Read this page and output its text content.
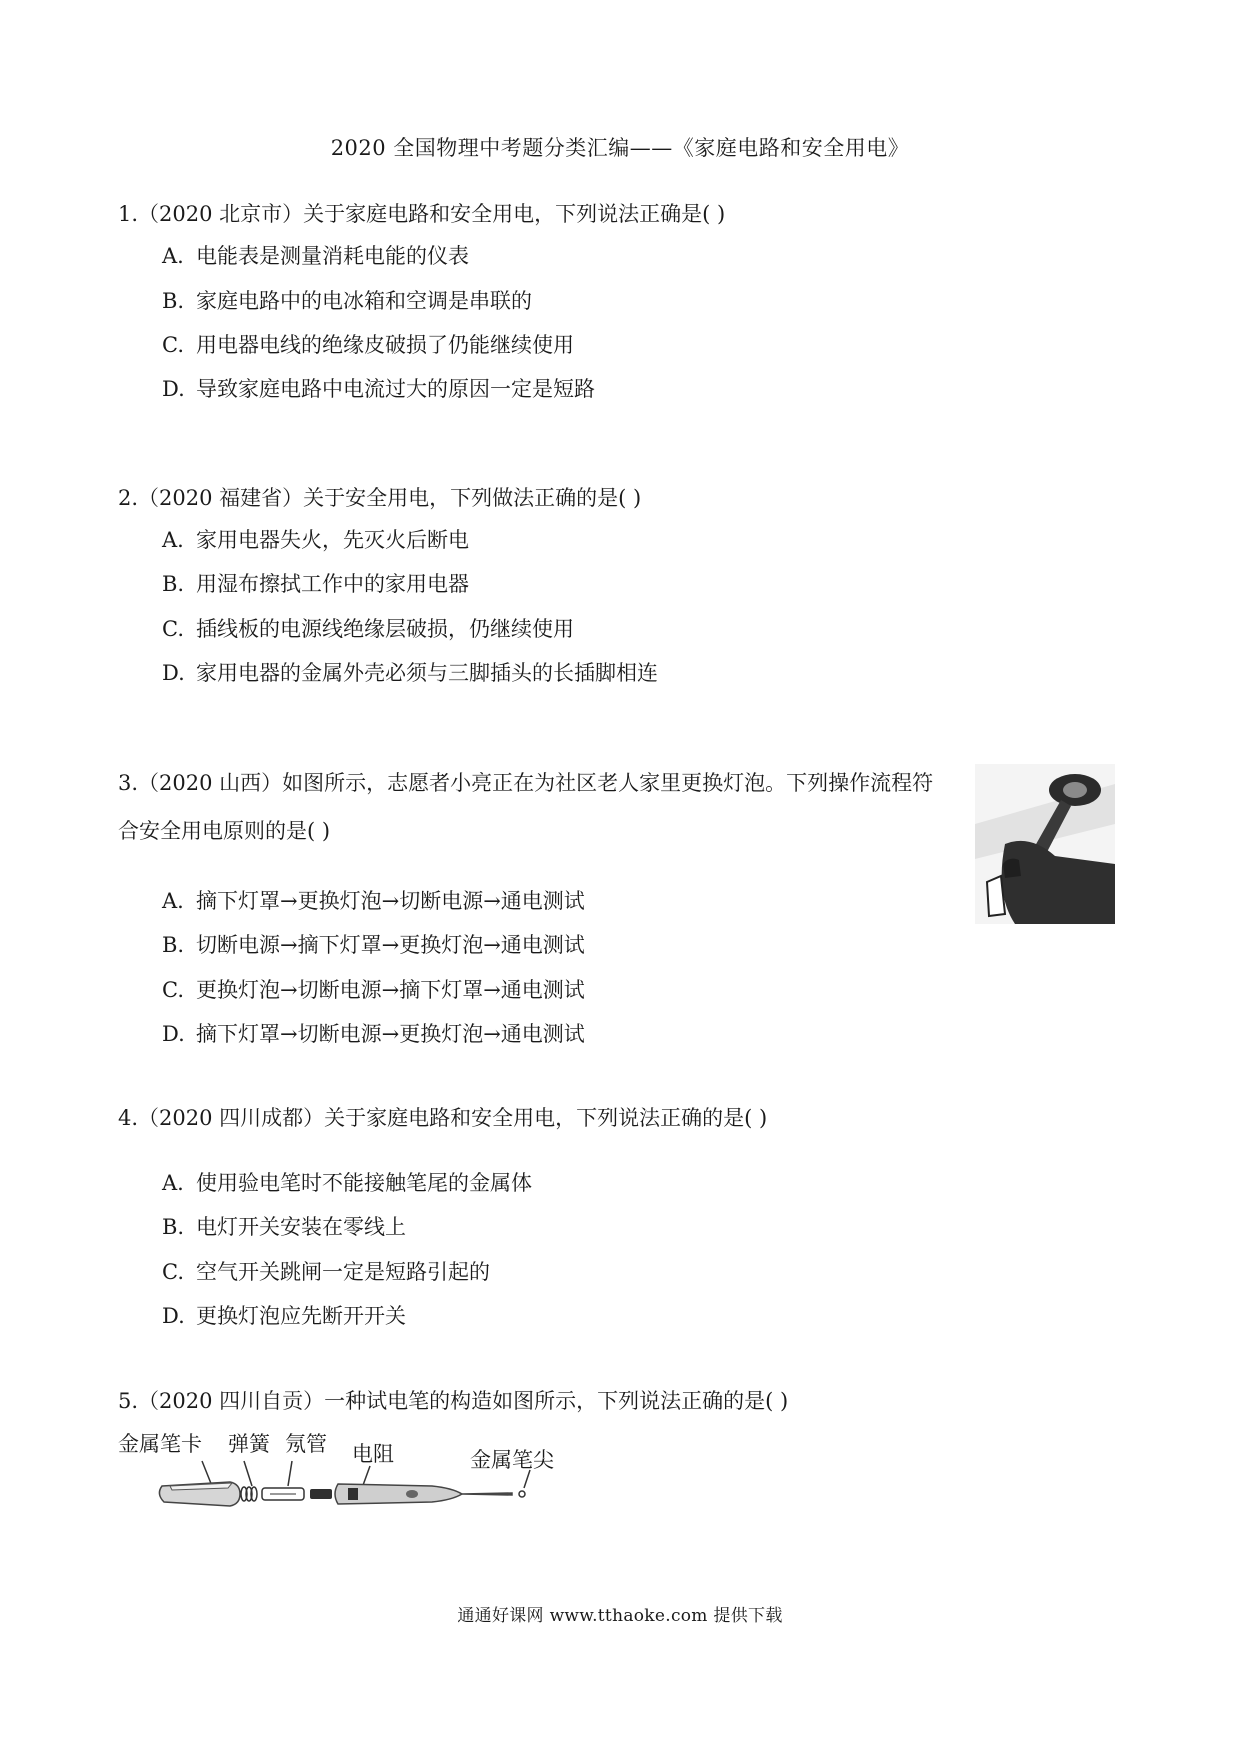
2020 全国物理中考题分类汇编——《家庭电路和安全用电》
1.（2020 北京市）关于家庭电路和安全用电，下列说法正确是( )
A. 电能表是测量消耗电能的仪表
B. 家庭电路中的电冰箱和空调是串联的
C. 用电器电线的绝缘皮破损了仍能继续使用
D. 导致家庭电路中电流过大的原因一定是短路
2.（2020 福建省）关于安全用电，下列做法正确的是( )
A. 家用电器失火，先灭火后断电
B. 用湿布擦拭工作中的家用电器
C. 插线板的电源线绝缘层破损，仍继续使用
D. 家用电器的金属外壳必须与三脚插头的长插脚相连
3.（2020 山西）如图所示，志愿者小亮正在为社区老人家里更换灯泡。下列操作流程符合安全用电原则的是( )
A. 摘下灯罩→更换灯泡→切断电源→通电测试
B. 切断电源→摘下灯罩→更换灯泡→通电测试
C. 更换灯泡→切断电源→摘下灯罩→通电测试
D. 摘下灯罩→切断电源→更换灯泡→通电测试
4.（2020 四川成都）关于家庭电路和安全用电，下列说法正确的是( )
A. 使用验电笔时不能接触笔尾的金属体
B. 电灯开关安装在零线上
C. 空气开关跳闸一定是短路引起的
D. 更换灯泡应先断开开关
5.（2020 四川自贡）一种试电笔的构造如图所示，下列说法正确的是( )
金属笔卡 弹簧 氖管 电阻	金属笔尖
通通好课网 www.tthaoke.com 提供下载
